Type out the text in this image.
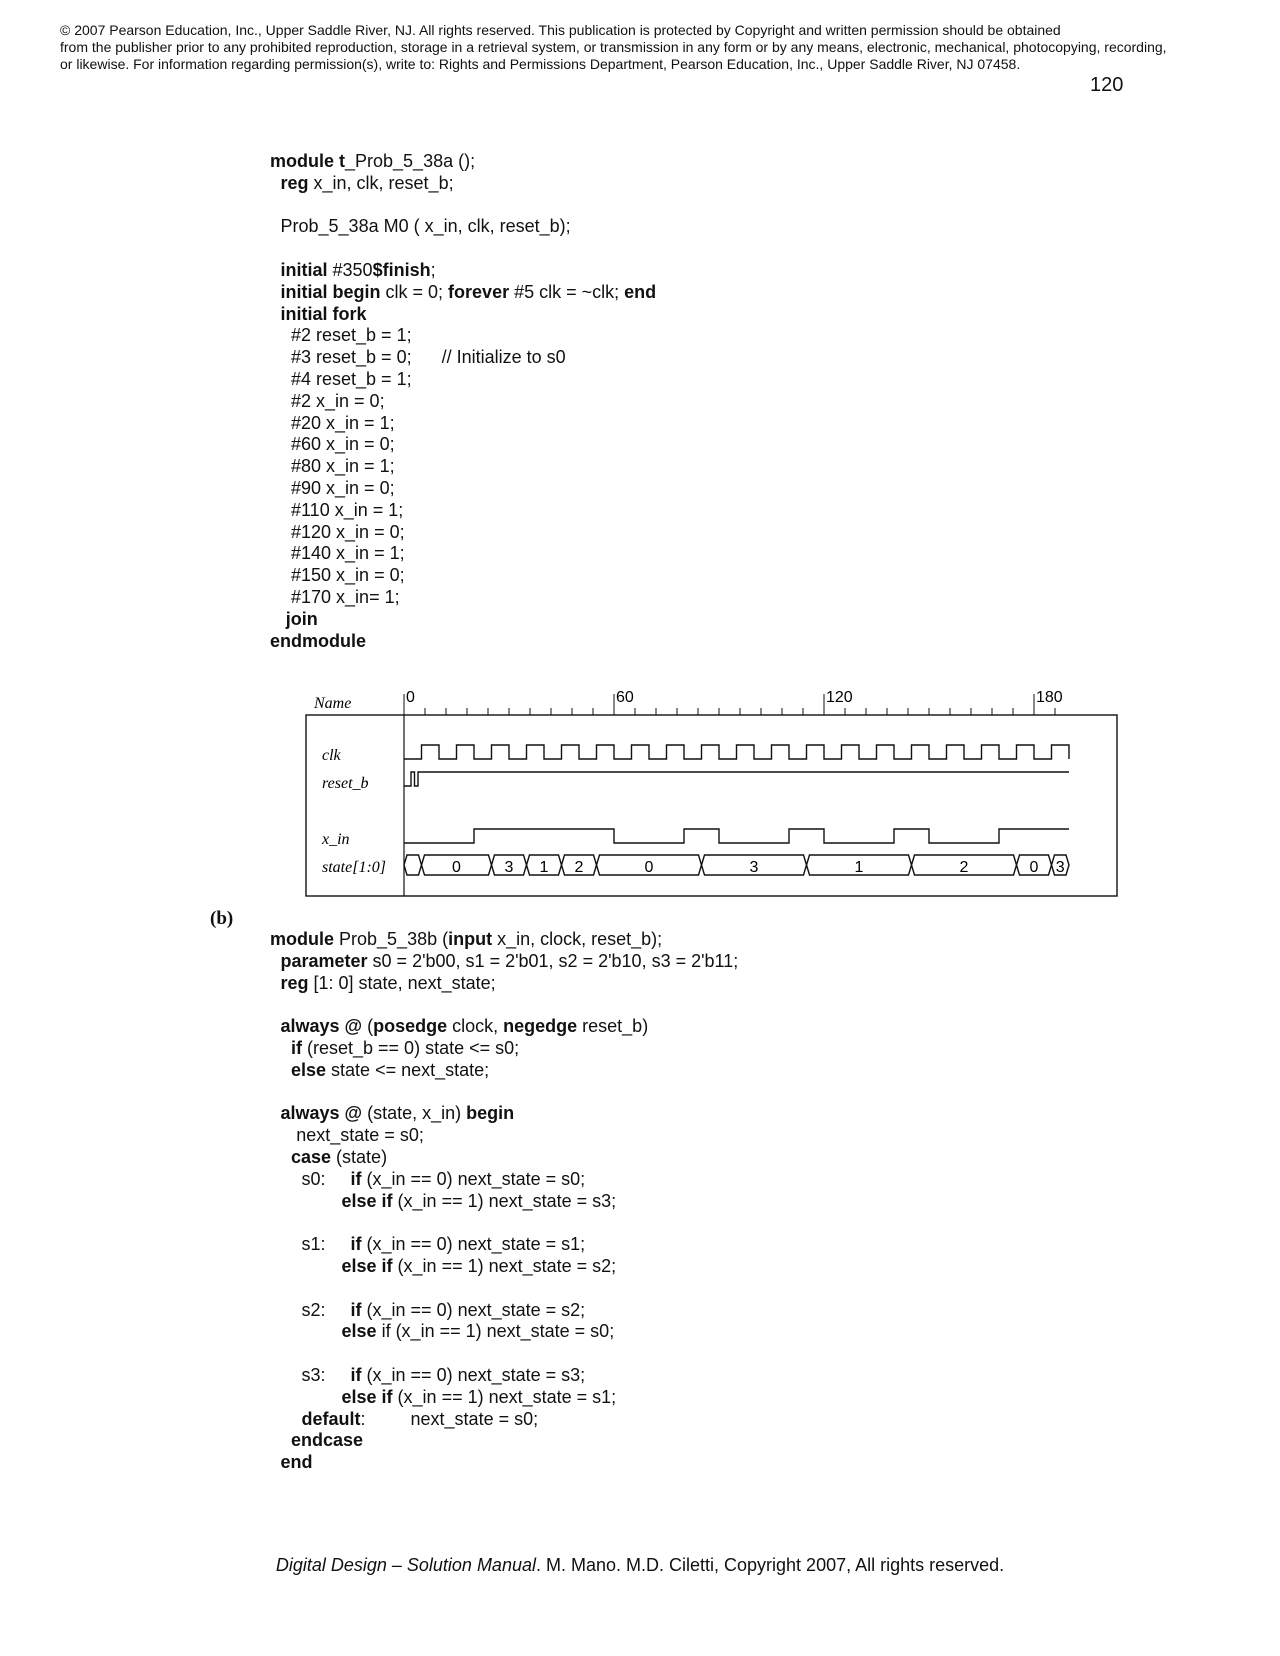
© 2007 Pearson Education, Inc., Upper Saddle River, NJ. All rights reserved. This publication is protected by Copyright and written permission should be obtained
from the publisher prior to any prohibited reproduction, storage in a retrieval system, or transmission in any form or by any means, electronic, mechanical, photocopying, recording,
or likewise. For information regarding permission(s), write to: Rights and Permissions Department, Pearson Education, Inc., Upper Saddle River, NJ 07458.
120
module t_Prob_5_38a ();
reg x_in, clk, reset_b;
Prob_5_38a M0 ( x_in, clk, reset_b);
initial #350$finish;
initial begin clk = 0; forever #5 clk = ~clk; end
initial fork
#2 reset_b = 1;
#3 reset_b = 0;      // Initialize to s0
#4 reset_b = 1;
#2 x_in = 0;
#20 x_in = 1;
#60 x_in = 0;
#80 x_in = 1;
#90 x_in = 0;
#110 x_in = 1;
#120 x_in = 0;
#140 x_in = 1;
#150 x_in = 0;
#170 x_in= 1;
join
endmodule
Name	0	60	120	180
clk
reset_b
x_in
state[1:0]	0	3 1 2	0	3	1	2	0 3
(b)
module Prob_5_38b (input x_in, clock, reset_b);
parameter s0 = 2'b00, s1 = 2'b01, s2 = 2'b10, s3 = 2'b11;
reg [1: 0] state, next_state;
always @ (posedge clock, negedge reset_b)
if (reset_b == 0) state <= s0;
else state <= next_state;
always @ (state, x_in) begin
next_state = s0;
case (state)
s0:     if (x_in == 0) next_state = s0;
else if (x_in == 1) next_state = s3;
s1:     if (x_in == 0) next_state = s1;
else if (x_in == 1) next_state = s2;
s2:     if (x_in == 0) next_state = s2;
else if (x_in == 1) next_state = s0;
s3:     if (x_in == 0) next_state = s3;
else if (x_in == 1) next_state = s1;
default:         next_state = s0;
endcase
end
Digital Design – Solution Manual. M. Mano. M.D. Ciletti, Copyright 2007, All rights reserved.
